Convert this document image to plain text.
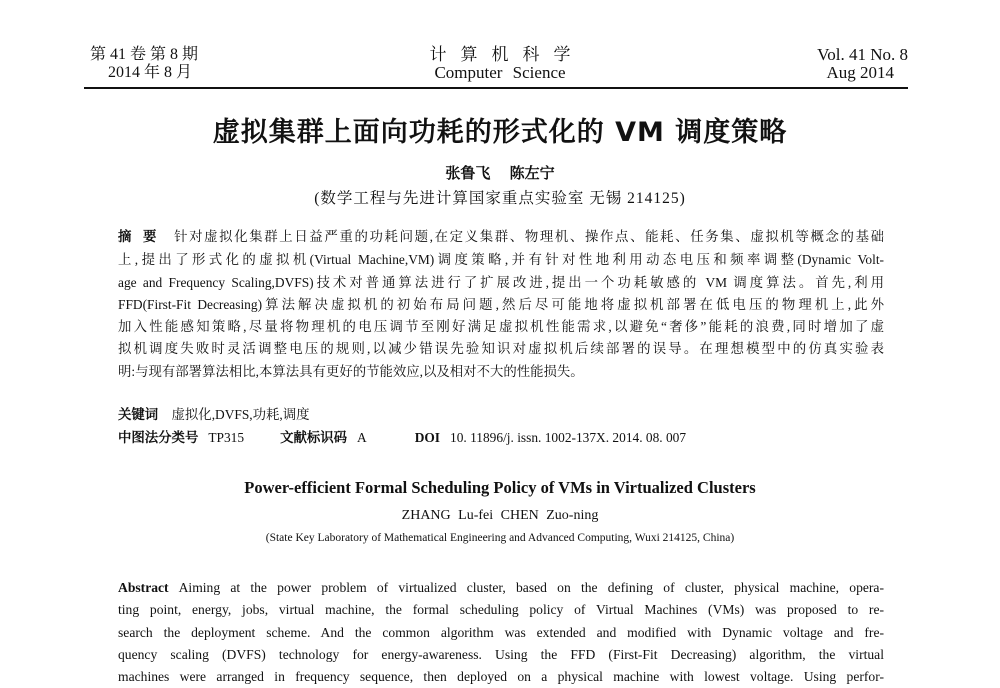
第 41 卷 第 8 期
2014 年 8 月
计算机科学
Computer Science
Vol. 41 No. 8
Aug 2014
虚拟集群上面向功耗的形式化的 VM 调度策略
张鲁飞 陈左宁
(数学工程与先进计算国家重点实验室 无锡 214125)
摘要 针对虚拟化集群上日益严重的功耗问题,在定义集群、物理机、操作点、能耗、任务集、虚拟机等概念的基础
上,提出了形式化的虚拟机(Virtual Machine,VM)调度策略,并有针对性地利用动态电压和频率调整(Dynamic Volt-
age and Frequency Scaling,DVFS)技术对普通算法进行了扩展改进,提出一个功耗敏感的 VM 调度算法。首先,利用
FFD(First-Fit Decreasing)算法解决虚拟机的初始布局问题,然后尽可能地将虚拟机部署在低电压的物理机上,此外
加入性能感知策略,尽量将物理机的电压调节至刚好满足虚拟机性能需求,以避免“奢侈”能耗的浪费,同时增加了虚
拟机调度失败时灵活调整电压的规则,以减少错误先验知识对虚拟机后续部署的误导。在理想模型中的仿真实验表
明:与现有部署算法相比,本算法具有更好的节能效应,以及相对不大的性能损失。
关键词 虚拟化,DVFS,功耗,调度
中图法分类号 TP315	文献标识码 A	DOI 10. 11896/j. issn. 1002-137X. 2014. 08. 007
Power-efficient Formal Scheduling Policy of VMs in Virtualized Clusters
ZHANG Lu-fei CHEN Zuo-ning
(State Key Laboratory of Mathematical Engineering and Advanced Computing, Wuxi 214125, China)
Abstract Aiming at the power problem of virtualized cluster, based on the defining of cluster, physical machine, opera-
ting point, energy, jobs, virtual machine, the formal scheduling policy of Virtual Machines (VMs) was proposed to re-
search the deployment scheme. And the common algorithm was extended and modified with Dynamic voltage and fre-
quency scaling (DVFS) technology for energy-awareness. Using the FFD (First-Fit Decreasing) algorithm, the virtual
machines were arranged in frequency sequence, then deployed on a physical machine with lowest voltage. Using perfor-
